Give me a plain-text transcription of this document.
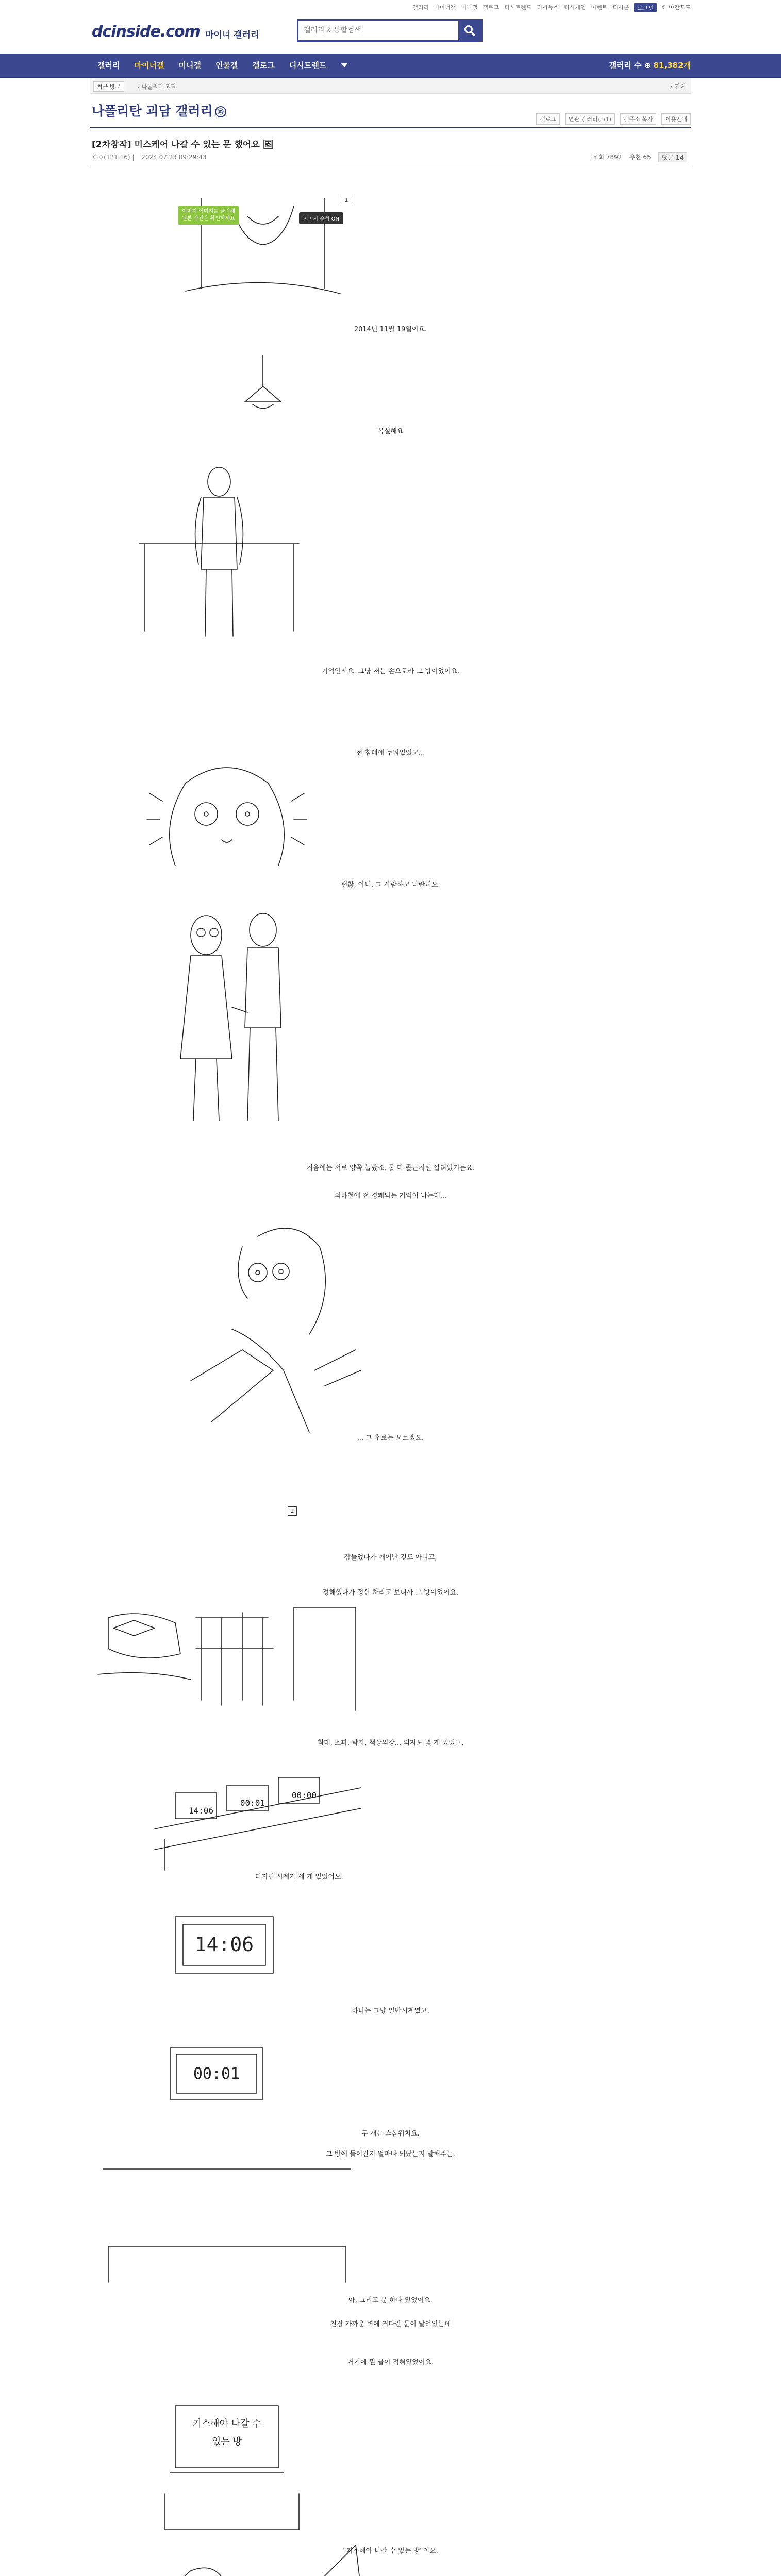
갤러리 마이너갤 미니갤 갤로그 디시트렌드 디시뉴스 디시게임 이벤트 디시콘	로그인	☾ 야간모드
dcinside.com 마이너 갤러리
갤러리 & 통합검색
갤러리	마이너갤	미니갤	인물갤	갤로그	디시트렌드	갤러리 수 ⊕ 81,382개
최근 방문	‹ 나폴리탄 괴담	› 전체
나폴리탄 괴담 갤러리 ⓜ
갤로그	연관 갤러리(1/1)	갤주소 복사	이용안내
[2차창작] 미스케어 나갈 수 있는 문 했어요 🖼
ㅇㅇ(121.16) | 2024.07.23 09:29:43	조회 7892 추천 65	댓글 14
이미지 이미지를 클릭해
원본 사진을 확인하세요	이미지 순서 ON
1
2014년 11월 19일이요.
목실해요
기억인서요. 그냥 저는 손으로라 그 방이었어요.
전 침대에 누워있었고...
괜찮, 아니, 그 사람하고 나란히요.
처음에는 서로 양쪽 놀랐죠, 둘 다 졸근처런 깔려있거든요.
의하철에 전 경쾌되는 기억이 나는데...
... 그 후로는 모르겠요.
2
잠들었다가 깨어난 것도 아니고,
정해했다가 정신 차리고 보니까 그 방이었어요.
침대, 소파, 탁자, 책상의장... 의자도 몇 개 있었고,
14:06
00:01
00:00
디지털 시계가 세 개 있었어요.
14:06
하나는 그냥 일반시계였고,
00:01
두 개는 스톱워치요.
그 방에 들어간지 얼마나 되났는지 말해주는.
아, 그리고 문 하나 있었어요.
천장 가까운 벽에 커다란 문이 달려있는데
거기에 뭔 글이 적혀있었어요.
키스해야 나갈 수
있는 방
“키스해야 나갈 수 있는 방”이요.
